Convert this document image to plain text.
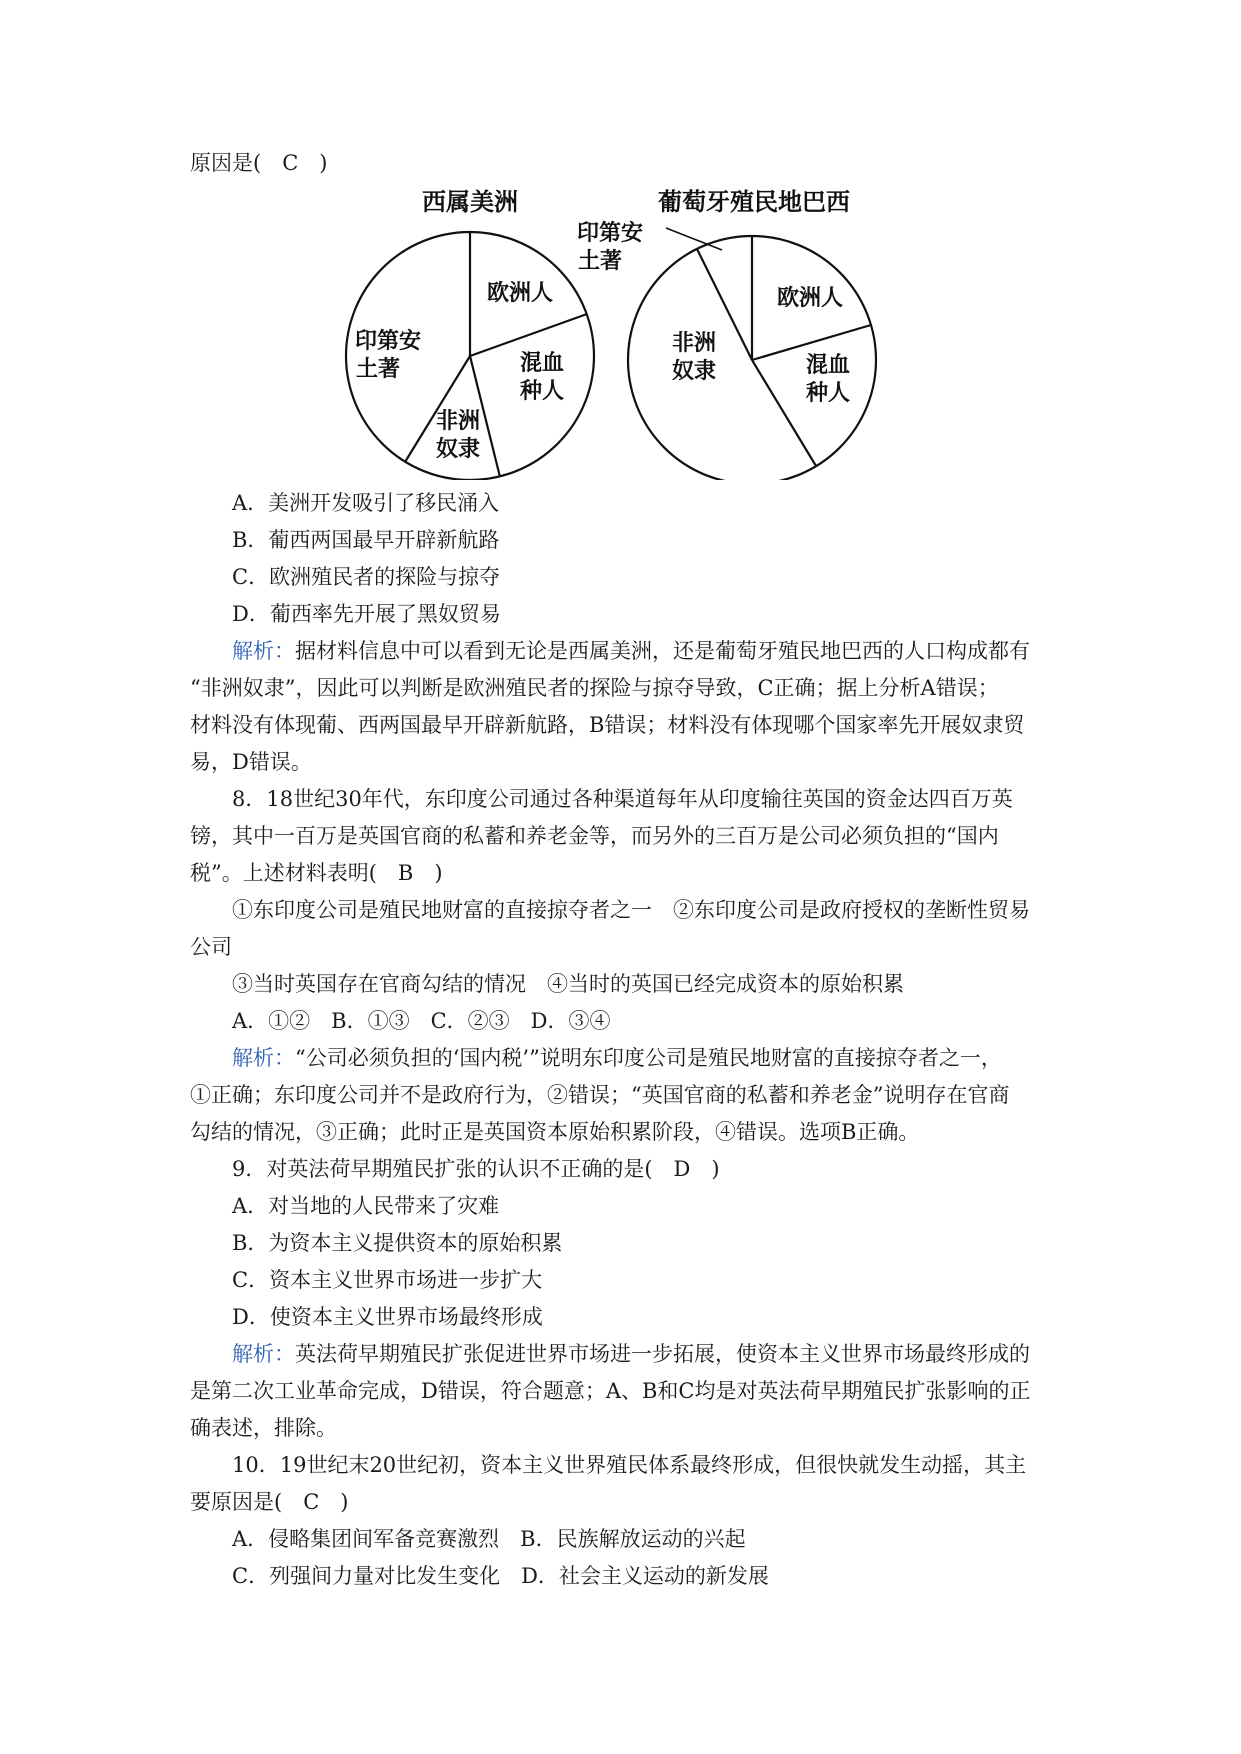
原因是(　C　)
西属美洲
欧洲人
混血
种人
非洲
奴隶
印第安
土著
葡萄牙殖民地巴西
印第安
土著
欧洲人
混血
种人
非洲
奴隶
A．美洲开发吸引了移民涌入
B．葡西两国最早开辟新航路
C．欧洲殖民者的探险与掠夺
D．葡西率先开展了黑奴贸易
解析：据材料信息中可以看到无论是西属美洲，还是葡萄牙殖民地巴西的人口构成都有
“非洲奴隶”，因此可以判断是欧洲殖民者的探险与掠夺导致，C正确；据上分析A错误；
材料没有体现葡、西两国最早开辟新航路，B错误；材料没有体现哪个国家率先开展奴隶贸
易，D错误。
8．18世纪30年代，东印度公司通过各种渠道每年从印度输往英国的资金达四百万英
镑，其中一百万是英国官商的私蓄和养老金等，而另外的三百万是公司必须负担的“国内
税”。上述材料表明(　B　)
①东印度公司是殖民地财富的直接掠夺者之一　②东印度公司是政府授权的垄断性贸易
公司
③当时英国存在官商勾结的情况　④当时的英国已经完成资本的原始积累
A．①②　B．①③　C．②③　D．③④
解析：“公司必须负担的‘国内税’”说明东印度公司是殖民地财富的直接掠夺者之一，
①正确；东印度公司并不是政府行为，②错误；“英国官商的私蓄和养老金”说明存在官商
勾结的情况，③正确；此时正是英国资本原始积累阶段，④错误。选项B正确。
9．对英法荷早期殖民扩张的认识不正确的是(　D　)
A．对当地的人民带来了灾难
B．为资本主义提供资本的原始积累
C．资本主义世界市场进一步扩大
D．使资本主义世界市场最终形成
解析：英法荷早期殖民扩张促进世界市场进一步拓展，使资本主义世界市场最终形成的
是第二次工业革命完成，D错误，符合题意；A、B和C均是对英法荷早期殖民扩张影响的正
确表述，排除。
10．19世纪末20世纪初，资本主义世界殖民体系最终形成，但很快就发生动摇，其主
要原因是(　C　)
A．侵略集团间军备竞赛激烈　B．民族解放运动的兴起
C．列强间力量对比发生变化　D．社会主义运动的新发展
